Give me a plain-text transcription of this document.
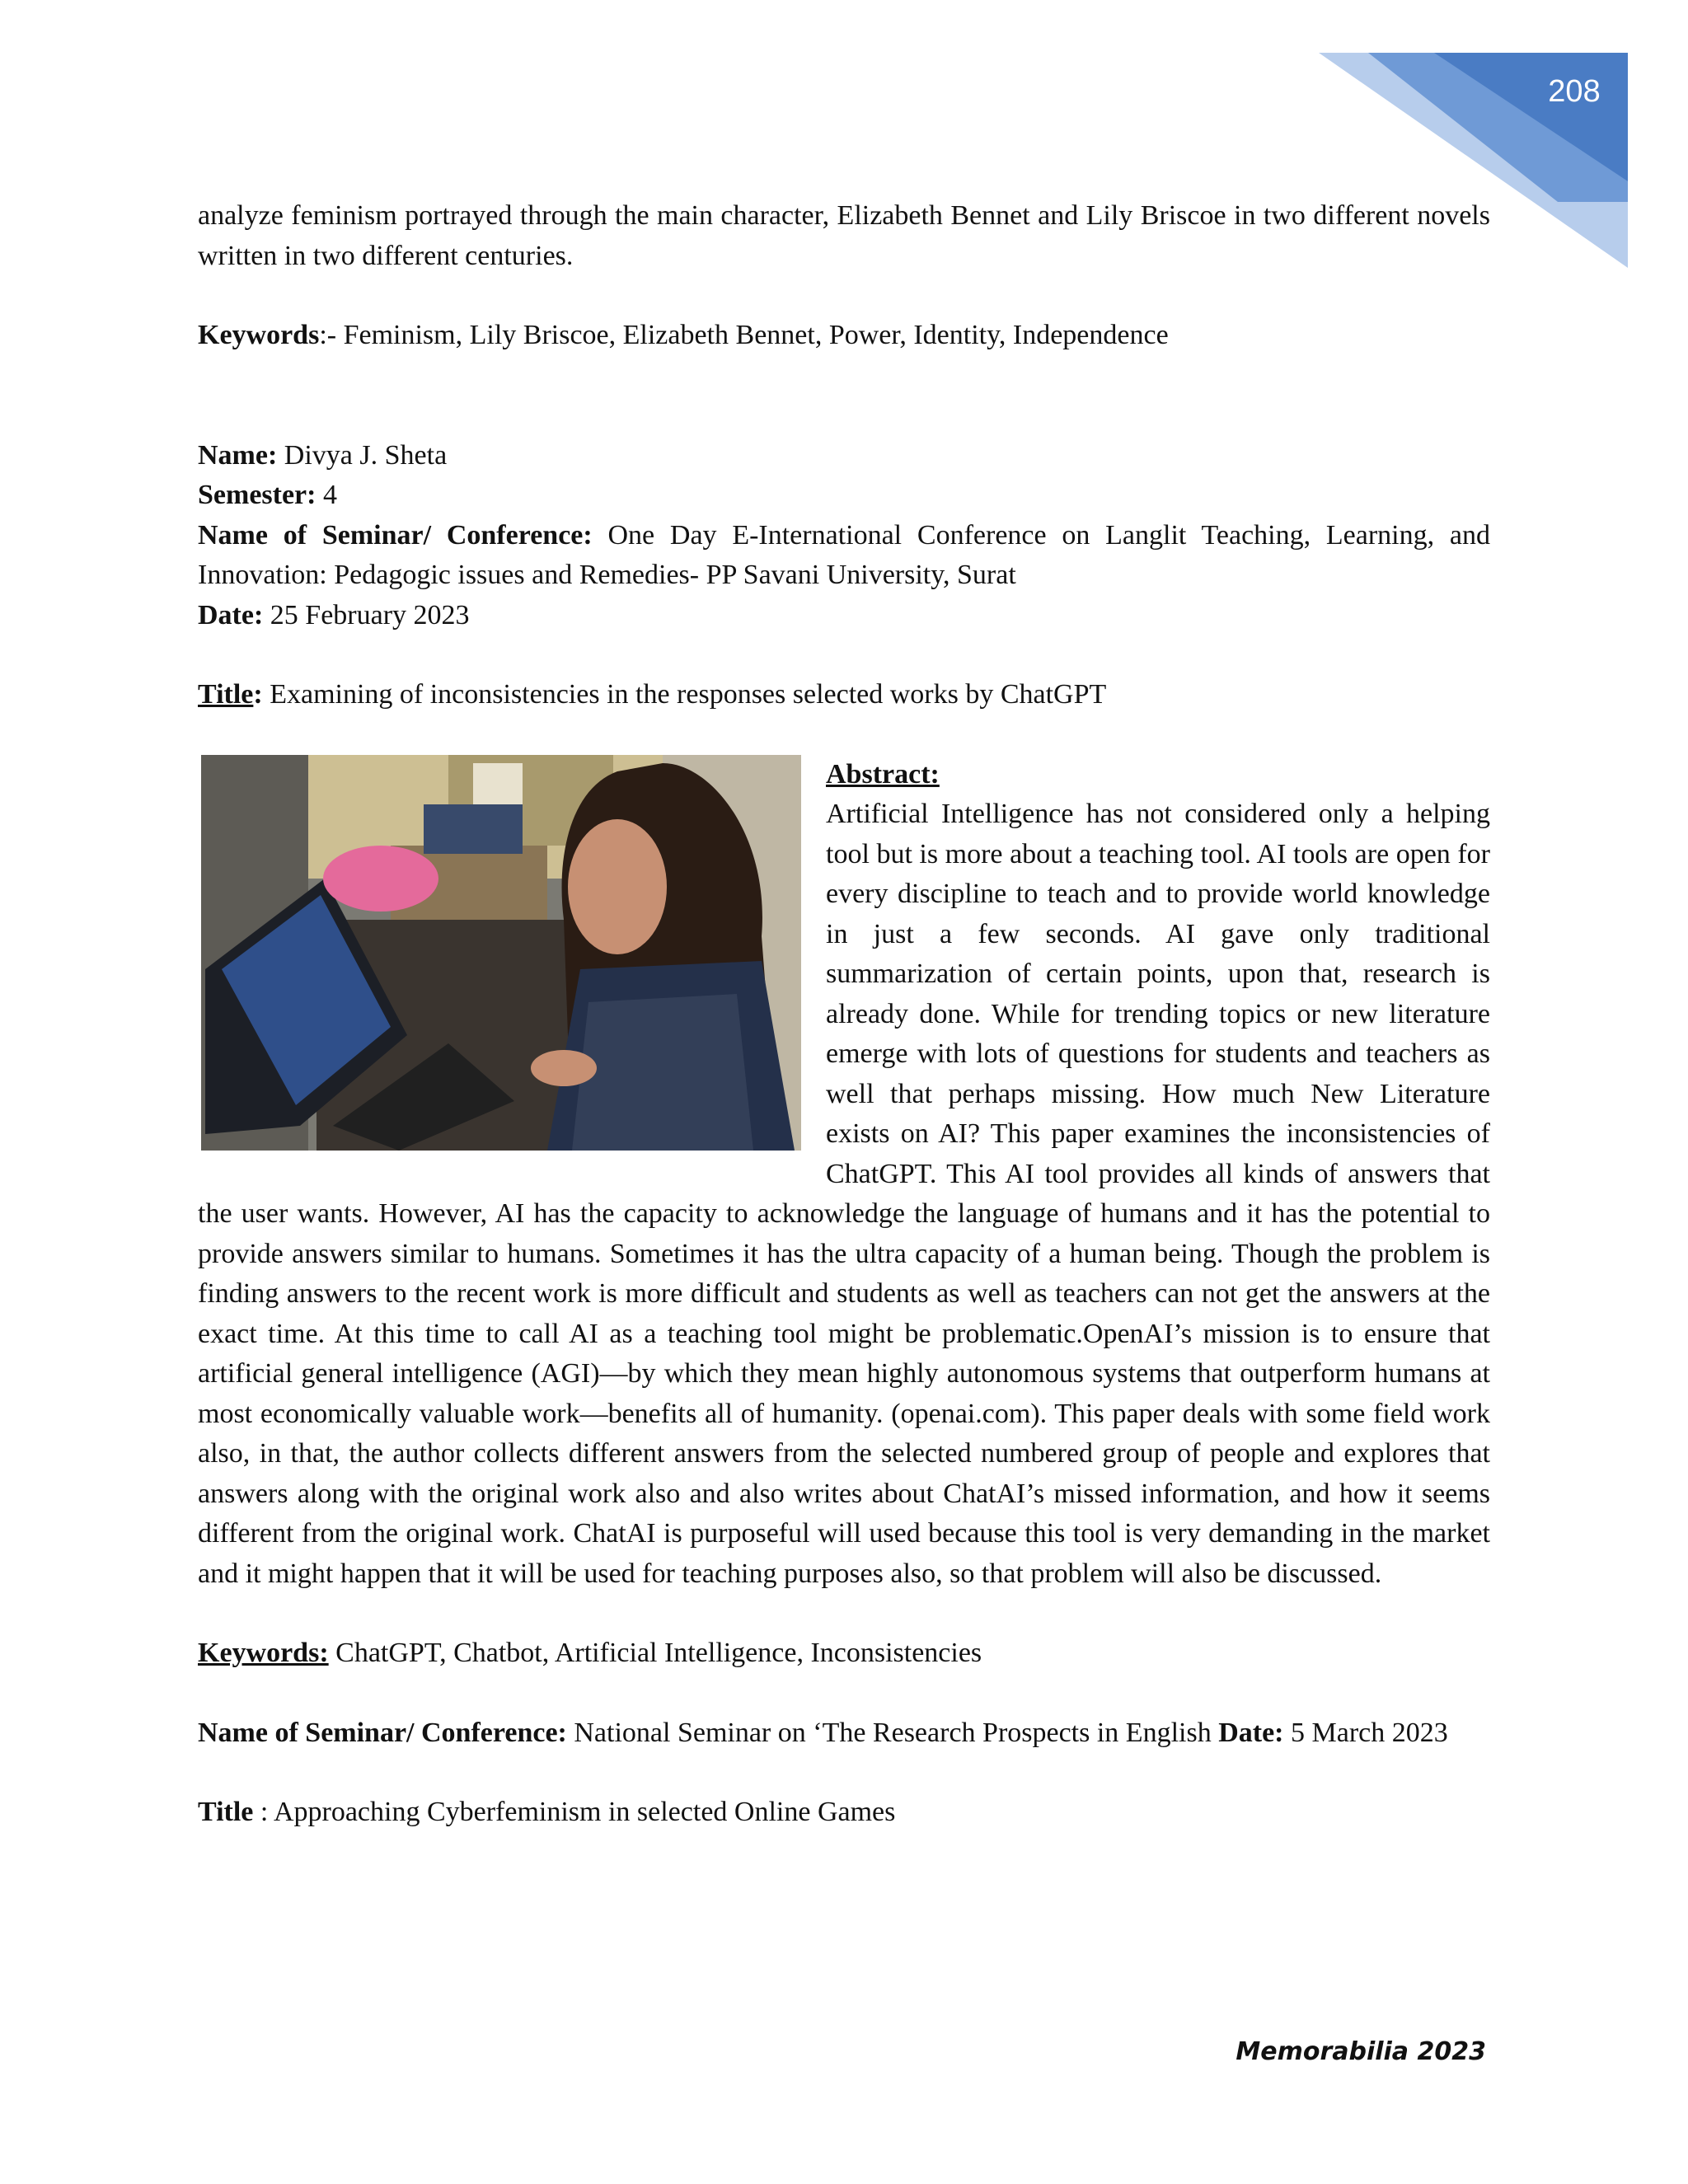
208

analyze feminism portrayed through the main character, Elizabeth Bennet and Lily Briscoe in two different novels written in two different centuries.

Keywords:- Feminism, Lily Briscoe, Elizabeth Bennet, Power, Identity, Independence

Name: Divya J. Sheta

Semester: 4

Name of Seminar/ Conference: One Day E-International Conference on Langlit Teaching, Learning, and Innovation: Pedagogic issues and Remedies- PP Savani University, Surat

Date: 25 February 2023

Title: Examining of inconsistencies in the responses selected works by ChatGPT

Abstract:

Artificial Intelligence has not considered only a helping tool but is more about a teaching tool. AI tools are open for every discipline to teach and to provide world knowledge in just a few seconds. AI gave only traditional summarization of certain points, upon that, research is already done. While for trending topics or new literature emerge with lots of questions for students and teachers as well that perhaps missing. How much New Literature exists on AI? This paper examines the inconsistencies of ChatGPT. This AI tool provides all kinds of answers that the user wants. However, AI has the capacity to acknowledge the language of humans and it has the potential to provide answers similar to humans. Sometimes it has the ultra capacity of a human being. Though the problem is finding answers to the recent work is more difficult and students as well as teachers can not get the answers at the exact time. At this time to call AI as a teaching tool might be problematic.OpenAI’s mission is to ensure that artificial general intelligence (AGI)—by which they mean highly autonomous systems that outperform humans at most economically valuable work—benefits all of humanity. (openai.com). This paper deals with some field work also, in that, the author collects different answers from the selected numbered group of people and explores that answers along with the original work also and also writes about ChatAI’s missed information, and how it seems different from the original work. ChatAI is purposeful will used because this tool is very demanding in the market and it might happen that it will be used for teaching purposes also, so that problem will also be discussed.

Keywords: ChatGPT, Chatbot, Artificial Intelligence, Inconsistencies

Name of Seminar/ Conference: National Seminar on ‘The Research Prospects in English Date: 5 March 2023

Title : Approaching Cyberfeminism in selected Online Games

Memorabilia 2023
